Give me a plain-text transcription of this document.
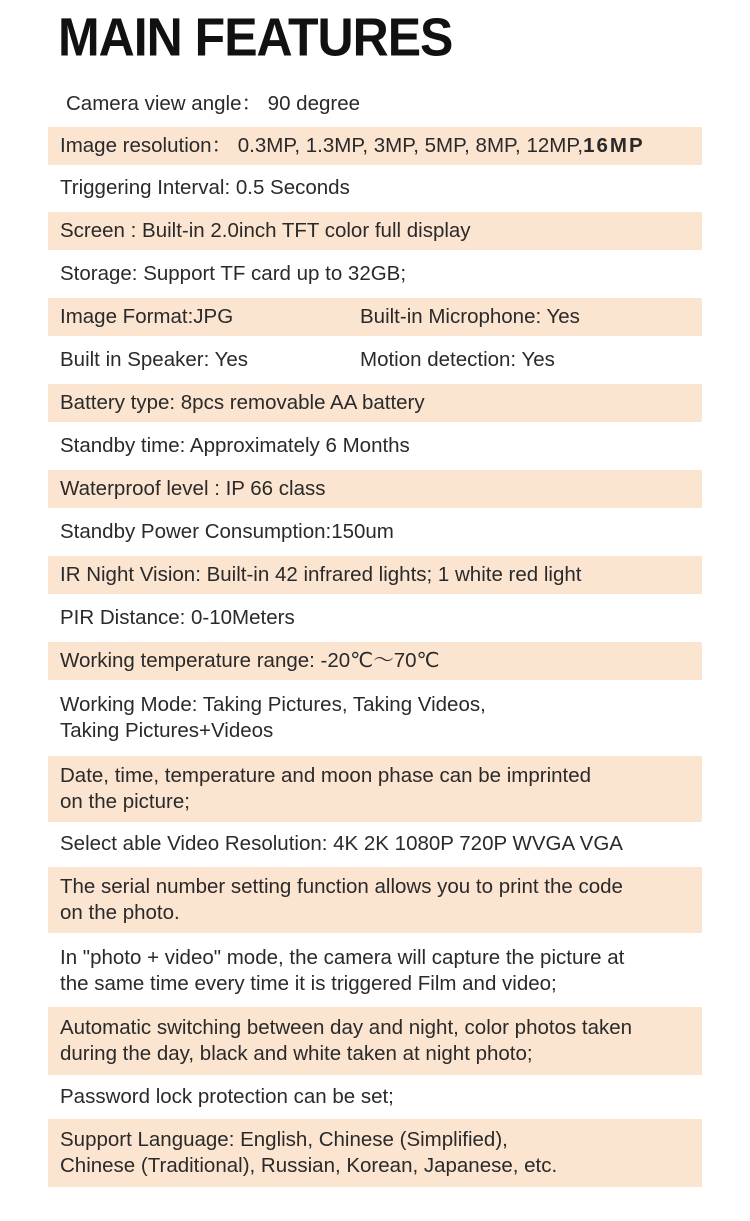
MAIN FEATURES
Camera view angle： 90 degree
Image resolution： 0.3MP, 1.3MP, 3MP, 5MP, 8MP, 12MP, 16MP
Triggering Interval: 0.5 Seconds
Screen : Built-in 2.0inch TFT color full display
Storage: Support TF card up to 32GB;
Image Format:JPG	Built-in Microphone: Yes
Built in Speaker: Yes	Motion detection: Yes
Battery type: 8pcs removable AA battery
Standby time: Approximately 6 Months
Waterproof level : IP 66 class
Standby Power Consumption:150um
IR Night Vision: Built-in 42 infrared lights; 1 white red light
PIR Distance: 0-10Meters
Working temperature range: -20℃～70℃
Working Mode: Taking Pictures, Taking Videos,
Taking Pictures+Videos
Date, time, temperature and moon phase can be imprinted
on the picture;
Select able Video Resolution: 4K 2K 1080P 720P WVGA VGA
The serial number setting function allows you to print the code
on the photo.
In "photo + video" mode, the camera will capture the picture at
the same time every time it is triggered Film and video;
Automatic switching between day and night, color photos taken
during the day, black and white taken at night photo;
Password lock protection can be set;
Support Language: English, Chinese (Simplified),
Chinese (Traditional), Russian, Korean, Japanese, etc.
